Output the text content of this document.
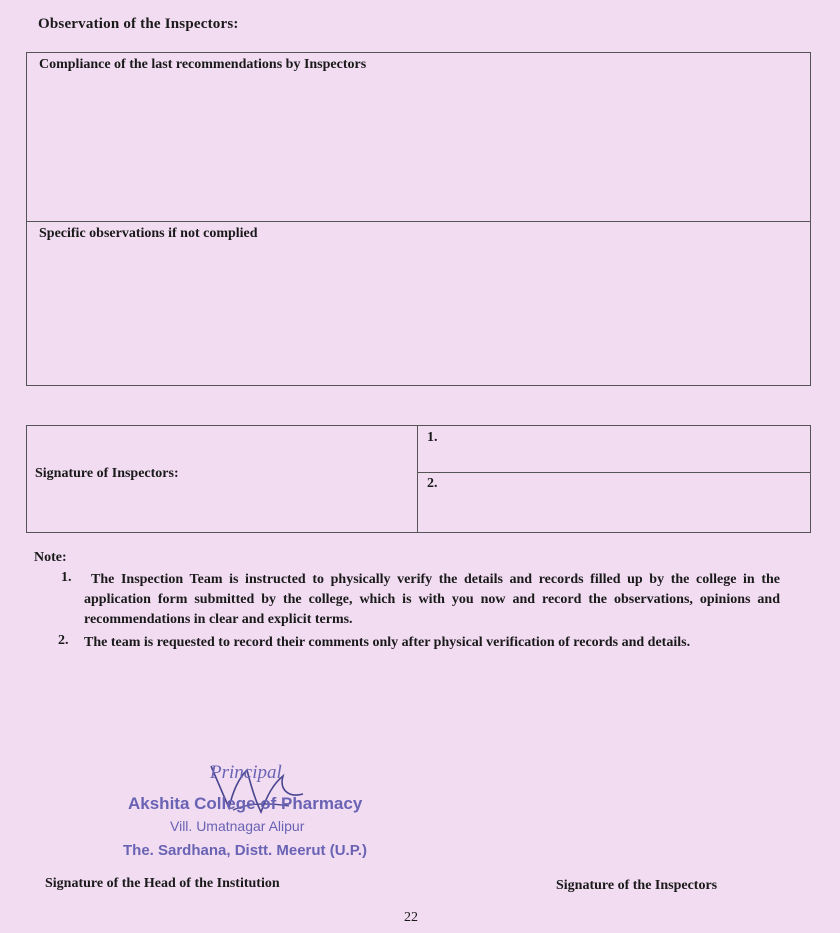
Observation of the Inspectors:
Compliance of the last recommendations by Inspectors
Specific observations if not complied
Signature of Inspectors:
1.
2.
Note:
1.	The Inspection Team is instructed to physically verify the details and records filled up by the college in the application form submitted by the college, which is with you now and record the observations, opinions and recommendations in clear and explicit terms.
2. The team is requested to record their comments only after physical verification of records and details.
Principal
Akshita College of Pharmacy
Vill. Umatnagar Alipur
The. Sardhana, Distt. Meerut (U.P.)
Signature of the Head of the Institution	Signature of the Inspectors
22
